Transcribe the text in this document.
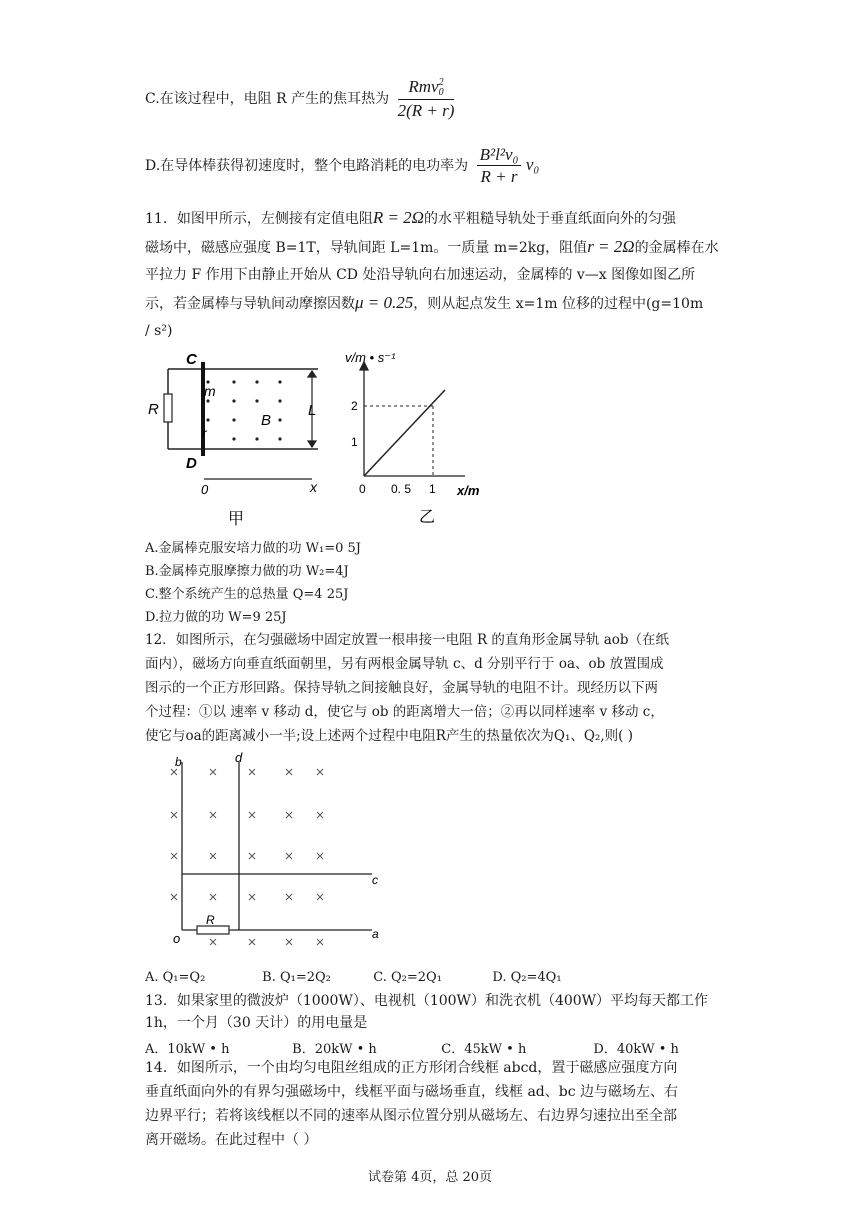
C.在该过程中，电阻 R 产生的焦耳热为 Rmv 2
0
2(R + r)
D.在导体棒获得初速度时，整个电路消耗的电功率为 $\frac{\text{B²l²v₀}}{R + r} v_0$
11．如图甲所示，左侧接有定值电阻R = 2Ω的水平粗糙导轨处于垂直纸面向外的匀强
磁场中，磁感应强度 B=1T，导轨间距 L=1m。一质量 m=2kg，阻值r = 2Ω的金属棒在水
平拉力 F 作用下由静止开始从 CD 处沿导轨向右加速运动，金属棒的 v—x 图像如图乙所
示，若金属棒与导轨间动摩擦因数μ = 0.25，则从起点发生 x=1m 位移的过程中(g=10m
/ s²)
C
D
R
m
r
B
L
0	x
甲
v/m • s⁻¹
2
1
0 0. 5 1 x/m
乙
A.金属棒克服安培力做的功 W₁=0 5J
B.金属棒克服摩擦力做的功 W₂=4J
C.整个系统产生的总热量 Q=4 25J
D.拉力做的功 W=9 25J
12．如图所示，在匀强磁场中固定放置一根串接一电阻 R 的直角形金属导轨 aob（在纸
面内），磁场方向垂直纸面朝里，另有两根金属导轨 c、d 分别平行于 oa、ob 放置围成
图示的一个正方形回路。保持导轨之间接触良好，金属导轨的电阻不计。现经历以下两
个过程：①以 速率 v 移动 d，使它与 ob 的距离增大一倍；②再以同样速率 v 移动 c，
使它与oa的距离减小一半;设上述两个过程中电阻R产生的热量依次为Q₁、Q₂,则( )
b	d
c
o	a
R
A. Q₁=Q₂	B. Q₁=2Q₂	C. Q₂=2Q₁	D. Q₂=4Q₁
13．如果家里的微波炉（1000W）、电视机（100W）和洗衣机（400W）平均每天都工作
1h，一个月（30 天计）的用电量是
A．10kW • h	B．20kW • h	C．45kW • h	D．40kW • h
14．如图所示，一个由均匀电阻丝组成的正方形闭合线框 abcd，置于磁感应强度方向
垂直纸面向外的有界匀强磁场中，线框平面与磁场垂直，线框 ad、bc 边与磁场左、右
边界平行；若将该线框以不同的速率从图示位置分别从磁场左、右边界匀速拉出至全部
离开磁场。在此过程中（ ）
试卷第 4页，总 20页
